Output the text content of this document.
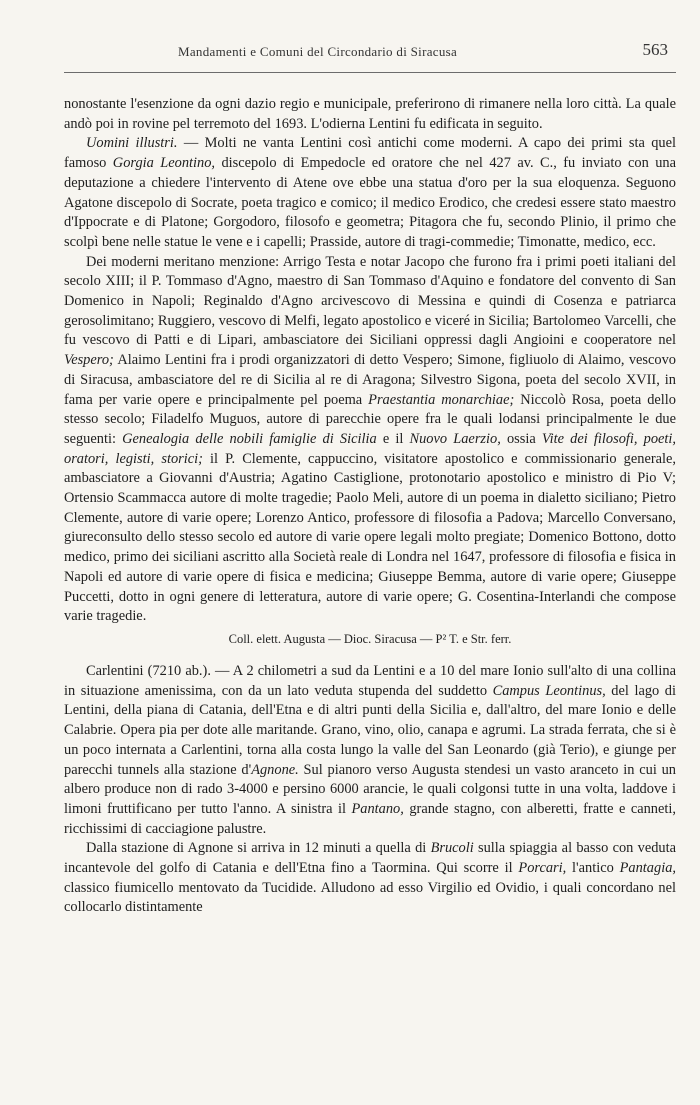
Mandamenti e Comuni del Circondario di Siracusa	563

nonostante l'esenzione da ogni dazio regio e municipale, preferirono di rimanere nella loro città. La quale andò poi in rovine pel terremoto del 1693. L'odierna Lentini fu edificata in seguito.

Uomini illustri. — Molti ne vanta Lentini così antichi come moderni. A capo dei primi sta quel famoso Gorgia Leontino, discepolo di Empedocle ed oratore che nel 427 av. C., fu inviato con una deputazione a chiedere l'intervento di Atene ove ebbe una statua d'oro per la sua eloquenza. Seguono Agatone discepolo di Socrate, poeta tragico e comico; il medico Erodico, che credesi essere stato maestro d'Ippocrate e di Platone; Gorgodoro, filosofo e geometra; Pitagora che fu, secondo Plinio, il primo che scolpì bene nelle statue le vene e i capelli; Prasside, autore di tragi-commedie; Timonatte, medico, ecc.

Dei moderni meritano menzione: Arrigo Testa e notar Jacopo che furono fra i primi poeti italiani del secolo XIII; il P. Tommaso d'Agno, maestro di San Tommaso d'Aquino e fondatore del convento di San Domenico in Napoli; Reginaldo d'Agno arcivescovo di Messina e quindi di Cosenza e patriarca gerosolimitano; Ruggiero, vescovo di Melfi, legato apostolico e viceré in Sicilia; Bartolomeo Varcelli, che fu vescovo di Patti e di Lipari, ambasciatore dei Siciliani oppressi dagli Angioini e cooperatore nel Vespero; Alaimo Lentini fra i prodi organizzatori di detto Vespero; Simone, figliuolo di Alaimo, vescovo di Siracusa, ambasciatore del re di Sicilia al re di Aragona; Silvestro Sigona, poeta del secolo XVII, in fama per varie opere e principalmente pel poema Praestantia monarchiae; Niccolò Rosa, poeta dello stesso secolo; Filadelfo Muguos, autore di parecchie opere fra le quali lodansi principalmente le due seguenti: Genealogia delle nobili famiglie di Sicilia e il Nuovo Laerzio, ossia Vite dei filosofi, poeti, oratori, legisti, storici; il P. Clemente, cappuccino, visitatore apostolico e commissionario generale, ambasciatore a Giovanni d'Austria; Agatino Castiglione, protonotario apostolico e ministro di Pio V; Ortensio Scammacca autore di molte tragedie; Paolo Meli, autore di un poema in dialetto siciliano; Pietro Clemente, autore di varie opere; Lorenzo Antico, professore di filosofia a Padova; Marcello Conversano, giureconsulto dello stesso secolo ed autore di varie opere legali molto pregiate; Domenico Bottono, dotto medico, primo dei siciliani ascritto alla Società reale di Londra nel 1647, professore di filosofia e fisica in Napoli ed autore di varie opere di fisica e medicina; Giuseppe Bemma, autore di varie opere; Giuseppe Puccetti, dotto in ogni genere di letteratura, autore di varie opere; G. Cosentina-Interlandi che compose varie tragedie.

Coll. elett. Augusta — Dioc. Siracusa — P² T. e Str. ferr.

Carlentini (7210 ab.). — A 2 chilometri a sud da Lentini e a 10 del mare Ionio sull'alto di una collina in situazione amenissima, con da un lato veduta stupenda del suddetto Campus Leontinus, del lago di Lentini, della piana di Catania, dell'Etna e di altri punti della Sicilia e, dall'altro, del mare Ionio e delle Calabrie. Opera pia per dote alle maritande. Grano, vino, olio, canapa e agrumi. La strada ferrata, che si è un poco internata a Carlentini, torna alla costa lungo la valle del San Leonardo (già Terio), e giunge per parecchi tunnels alla stazione d'Agnone. Sul pianoro verso Augusta stendesi un vasto aranceto in cui un albero produce non di rado 3-4000 e persino 6000 arancie, le quali colgonsi tutte in una volta, laddove i limoni fruttificano per tutto l'anno. A sinistra il Pantano, grande stagno, con alberetti, fratte e canneti, ricchissimi di cacciagione palustre.

Dalla stazione di Agnone si arriva in 12 minuti a quella di Brucoli sulla spiaggia al basso con veduta incantevole del golfo di Catania e dell'Etna fino a Taormina. Qui scorre il Porcari, l'antico Pantagia, classico fiumicello mentovato da Tucidide. Alludono ad esso Virgilio ed Ovidio, i quali concordano nel collocarlo distintamente
